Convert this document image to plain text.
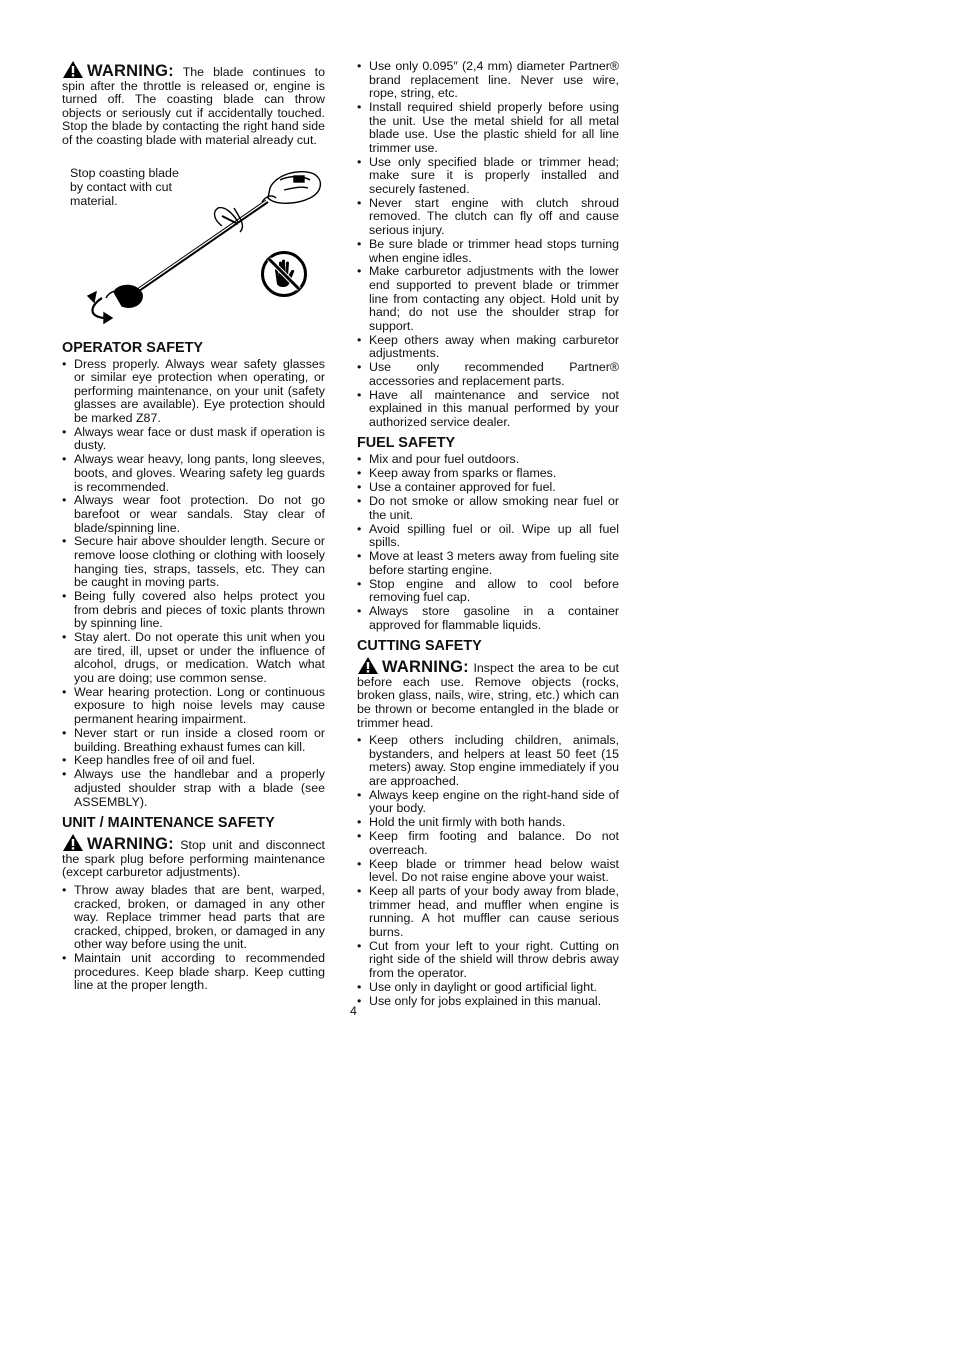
WARNING: The blade continues to spin after the throttle is released or, engine is turned off. The coasting blade can throw objects or seriously cut if accidentally touched. Stop the blade by contacting the right hand side of the coasting blade with material already cut.

Stop coasting blade by contact with cut material.
OPERATOR SAFETY
• Dress properly. Always wear safety glasses or similar eye protection when operating, or performing maintenance, on your unit (safety glasses are available). Eye protection should be marked Z87.
• Always wear face or dust mask if operation is dusty.
• Always wear heavy, long pants, long sleeves, boots, and gloves. Wearing safety leg guards is recommended.
• Always wear foot protection. Do not go barefoot or wear sandals. Stay clear of blade/spinning line.
• Secure hair above shoulder length. Secure or remove loose clothing or clothing with loosely hanging ties, straps, tassels, etc. They can be caught in moving parts.
• Being fully covered also helps protect you from debris and pieces of toxic plants thrown by spinning line.
• Stay alert. Do not operate this unit when you are tired, ill, upset or under the influence of alcohol, drugs, or medication. Watch what you are doing; use common sense.
• Wear hearing protection. Long or continuous exposure to high noise levels may cause permanent hearing impairment.
• Never start or run inside a closed room or building. Breathing exhaust fumes can kill.
• Keep handles free of oil and fuel.
• Always use the handlebar and a properly adjusted shoulder strap with a blade (see ASSEMBLY).
UNIT / MAINTENANCE SAFETY

WARNING: Stop unit and disconnect the spark plug before performing maintenance (except carburetor adjustments).

• Throw away blades that are bent, warped, cracked, broken, or damaged in any other way. Replace trimmer head parts that are cracked, chipped, broken, or damaged in any other way before using the unit.
• Maintain unit according to recommended procedures. Keep blade sharp. Keep cutting line at the proper length.
• Use only 0.095″ (2,4 mm) diameter Partner® brand replacement line. Never use wire, rope, string, etc.
• Install required shield properly before using the unit. Use the metal shield for all metal blade use. Use the plastic shield for all line trimmer use.
• Use only specified blade or trimmer head; make sure it is properly installed and securely fastened.
• Never start engine with clutch shroud removed. The clutch can fly off and cause serious injury.
• Be sure blade or trimmer head stops turning when engine idles.
• Make carburetor adjustments with the lower end supported to prevent blade or trimmer line from contacting any object. Hold unit by hand; do not use the shoulder strap for support.
• Keep others away when making carburetor adjustments.
• Use only recommended Partner® accessories and replacement parts.
• Have all maintenance and service not explained in this manual performed by your authorized service dealer.
FUEL SAFETY
• Mix and pour fuel outdoors.
• Keep away from sparks or flames.
• Use a container approved for fuel.
• Do not smoke or allow smoking near fuel or the unit.
• Avoid spilling fuel or oil. Wipe up all fuel spills.
• Move at least 3 meters away from fueling site before starting engine.
• Stop engine and allow to cool before removing fuel cap.
• Always store gasoline in a container approved for flammable liquids.
CUTTING SAFETY

WARNING: Inspect the area to be cut before each use. Remove objects (rocks, broken glass, nails, wire, string, etc.) which can be thrown or become entangled in the blade or trimmer head.

• Keep others including children, animals, bystanders, and helpers at least 50 feet (15 meters) away. Stop engine immediately if you are approached.
• Always keep engine on the right-hand side of your body.
• Hold the unit firmly with both hands.
• Keep firm footing and balance. Do not overreach.
• Keep blade or trimmer head below waist level. Do not raise engine above your waist.
• Keep all parts of your body away from blade, trimmer head, and muffler when engine is running. A hot muffler can cause serious burns.
• Cut from your left to your right. Cutting on right side of the shield will throw debris away from the operator.
• Use only in daylight or good artificial light.
• Use only for jobs explained in this manual.
4
